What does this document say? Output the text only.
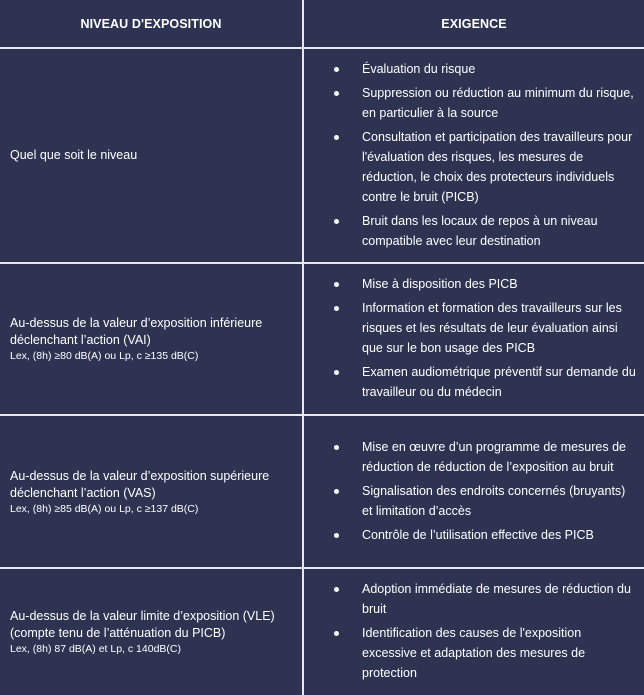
NIVEAU D'EXPOSITION	EXIGENCE
Quel que soit le niveau
Évaluation du risque
Suppression ou réduction au minimum du risque, en particulier à la source
Consultation et participation des travailleurs pour l'évaluation des risques, les mesures de réduction, le choix des protecteurs individuels contre le bruit (PICB)
Bruit dans les locaux de repos à un niveau compatible avec leur destination
Au-dessus de la valeur d’exposition inférieure déclenchant l’action (VAI)
Lex, (8h) ≥80 dB(A) ou Lp, c ≥135 dB(C)
Mise à disposition des PICB
Information et formation des travailleurs sur les risques et les résultats de leur évaluation ainsi que sur le bon usage des PICB
Examen audiométrique préventif sur demande du travailleur ou du médecin
Au-dessus de la valeur d’exposition supérieure déclenchant l’action (VAS)
Lex, (8h) ≥85 dB(A) ou Lp, c ≥137 dB(C)
Mise en œuvre d’un programme de mesures de réduction de réduction de l’exposition au bruit
Signalisation des endroits concernés (bruyants) et limitation d’accès
Contrôle de l’utilisation effective des PICB
Au-dessus de la valeur limite d’exposition (VLE) (compte tenu de l’atténuation du PICB)
Lex, (8h) 87 dB(A) et Lp, c 140dB(C)
Adoption immédiate de mesures de réduction du bruit
Identification des causes de l'exposition excessive et adaptation des mesures de protection
